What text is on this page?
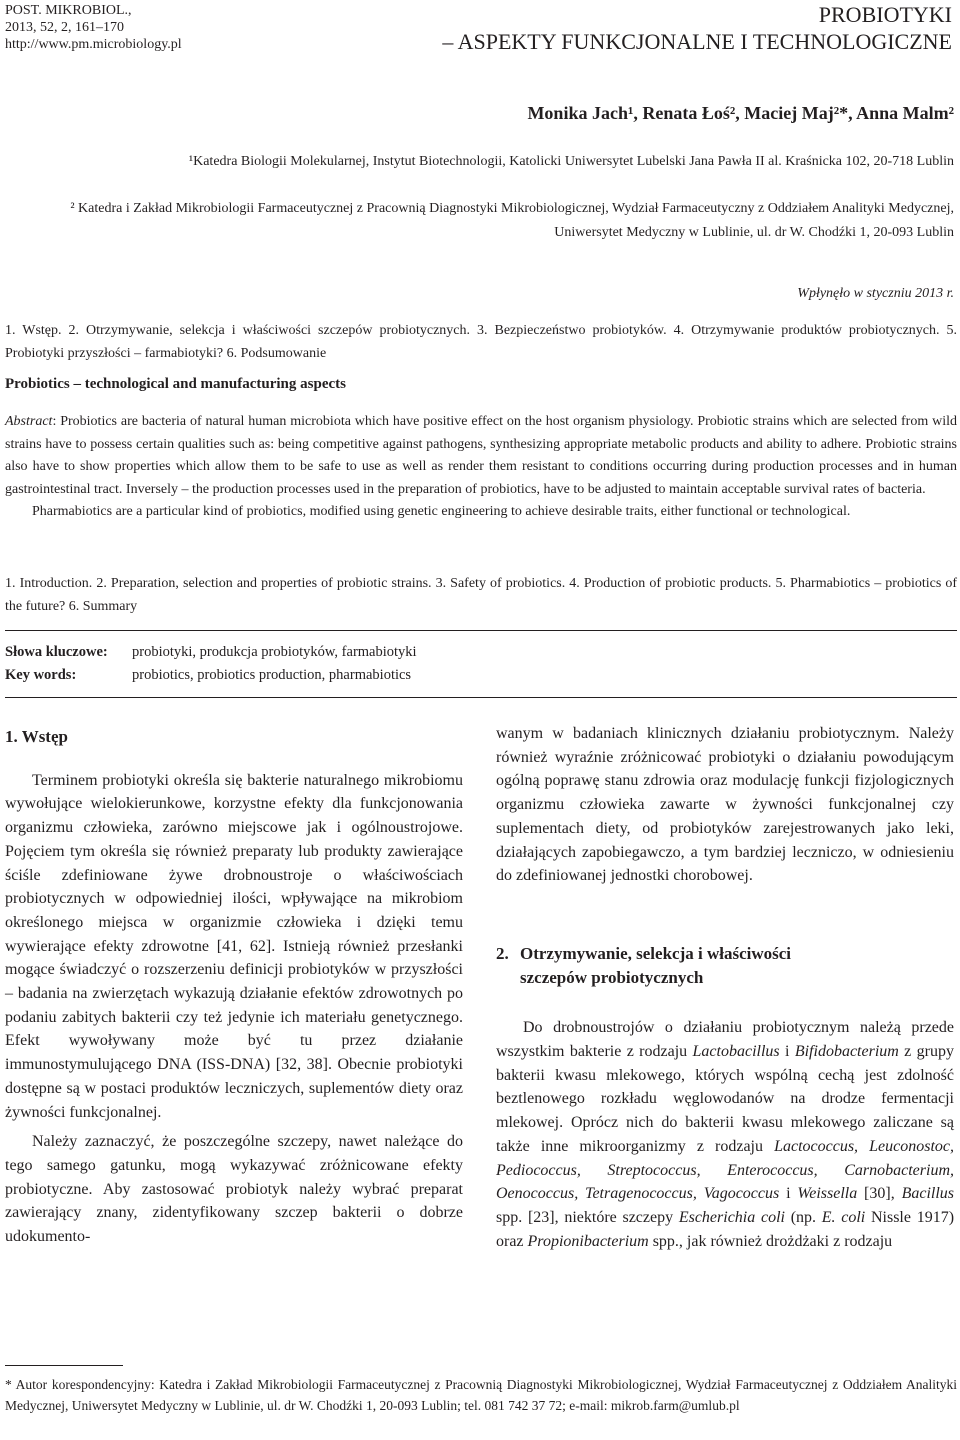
POST. MIKROBIOL.,
2013, 52, 2, 161–170
http://www.pm.microbiology.pl
PROBIOTYKI
– ASPEKTY FUNKCJONALNE I TECHNOLOGICZNE
Monika Jach¹, Renata Łoś², Maciej Maj²*, Anna Malm²
¹Katedra Biologii Molekularnej, Instytut Biotechnologii, Katolicki Uniwersytet Lubelski Jana Pawła II al. Kraśnicka 102, 20-718 Lublin
² Katedra i Zakład Mikrobiologii Farmaceutycznej z Pracownią Diagnostyki Mikrobiologicznej, Wydział Farmaceutyczny z Oddziałem Analityki Medycznej, Uniwersytet Medyczny w Lublinie, ul. dr W. Chodźki 1, 20-093 Lublin
Wpłynęło w styczniu 2013 r.
1. Wstęp. 2. Otrzymywanie, selekcja i właściwości szczepów probiotycznych. 3. Bezpieczeństwo probiotyków. 4. Otrzymywanie produktów probiotycznych. 5. Probiotyki przyszłości – farmabiotyki? 6. Podsumowanie
Probiotics – technological and manufacturing aspects
Abstract: Probiotics are bacteria of natural human microbiota which have positive effect on the host organism physiology. Probiotic strains which are selected from wild strains have to possess certain qualities such as: being competitive against pathogens, synthesizing appropriate metabolic products and ability to adhere. Probiotic strains also have to show properties which allow them to be safe to use as well as render them resistant to conditions occurring during production processes and in human gastrointestinal tract. Inversely – the production processes used in the preparation of probiotics, have to be adjusted to maintain acceptable survival rates of bacteria.
Pharmabiotics are a particular kind of probiotics, modified using genetic engineering to achieve desirable traits, either functional or technological.
1. Introduction. 2. Preparation, selection and properties of probiotic strains. 3. Safety of probiotics. 4. Production of probiotic products. 5. Pharmabiotics – probiotics of the future? 6. Summary
Słowa kluczowe: probiotyki, produkcja probiotyków, farmabiotyki
Key words:	probiotics, probiotics production, pharmabiotics
1. Wstęp

Terminem probiotyki określa się bakterie naturalnego mikrobiomu wywołujące wielokierunkowe, korzystne efekty dla funkcjonowania organizmu człowieka, zarówno miejscowe jak i ogólnoustrojowe. Pojęciem tym określa się również preparaty lub produkty zawierające ściśle zdefiniowane żywe drobnoustroje o właściwościach probiotycznych w odpowiedniej ilości, wpływające na mikrobiom określonego miejsca w organizmie człowieka i dzięki temu wywierające efekty zdrowotne [41, 62]. Istnieją również przesłanki mogące świadczyć o rozszerzeniu definicji probiotyków w przyszłości – badania na zwierzętach wykazują działanie efektów zdrowotnych po podaniu zabitych bakterii czy też jedynie ich materiału genetycznego. Efekt wywoływany może być tu przez działanie immunostymulującego DNA (ISS-DNA) [32, 38]. Obecnie probiotyki dostępne są w postaci produktów leczniczych, suplementów diety oraz żywności funkcjonalnej.

Należy zaznaczyć, że poszczególne szczepy, nawet należące do tego samego gatunku, mogą wykazywać zróżnicowane efekty probiotyczne. Aby zastosować probiotyk należy wybrać preparat zawierający znany, zidentyfikowany szczep bakterii o dobrze udokumento-

wanym w badaniach klinicznych działaniu probiotycznym. Należy również wyraźnie zróżnicować probiotyki o działaniu powodującym ogólną poprawę stanu zdrowia oraz modulację funkcji fizjologicznych organizmu człowieka zawarte w żywności funkcjonalnej czy suplementach diety, od probiotyków zarejestrowanych jako leki, działających zapobiegawczo, a tym bardziej leczniczo, w odniesieniu do zdefiniowanej jednostki chorobowej.

2. Otrzymywanie, selekcja i właściwości
szczepów probiotycznych

Do drobnoustrojów o działaniu probiotycznym należą przede wszystkim bakterie z rodzaju Lactobacillus i Bifidobacterium z grupy bakterii kwasu mlekowego, których wspólną cechą jest zdolność beztlenowego rozkładu węglowodanów na drodze fermentacji mlekowej. Oprócz nich do bakterii kwasu mlekowego zaliczane są także inne mikroorganizmy z rodzaju Lactococcus, Leuconostoc, Pediococcus, Streptococcus, Enterococcus, Carnobacterium, Oenococcus, Tetragenococcus, Vagococcus i Weissella [30], Bacillus spp. [23], niektóre szczepy Escherichia coli (np. E. coli Nissle 1917) oraz Propionibacterium spp., jak również drożdżaki z rodzaju

* Autor korespondencyjny: Katedra i Zakład Mikrobiologii Farmaceutycznej z Pracownią Diagnostyki Mikrobiologicznej, Wydział Farmaceutycznej z Oddziałem Analityki Medycznej, Uniwersytet Medyczny w Lublinie, ul. dr W. Chodźki 1, 20-093 Lublin; tel. 081 742 37 72; e-mail: mikrob.farm@umlub.pl
